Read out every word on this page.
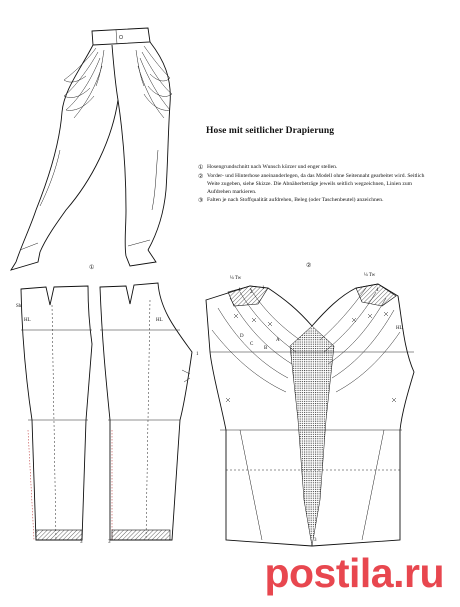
①	②
¼ Tw
¼ Tw
HL	HL
HL
Sh
3	3	3
1
1
2	4
4
A
B
C
D
Hose mit seitlicher Drapierung
① Hosengrundschnitt nach Wunsch kürzer und enger stellen.
② Vorder- und Hinterhose aneinanderlegen, da das Modell ohne Seitennaht gearbeitet wird. Seitlich Weite zugeben, siehe Skizze. Die Abnäherbeträge jeweils seitlich wegzeichnen, Linien zum Aufdrehen markieren.
③ Falten je nach Stoffqualität aufdrehen, Beleg (oder Taschenbeutel) anzeichnen.
postila.ru
